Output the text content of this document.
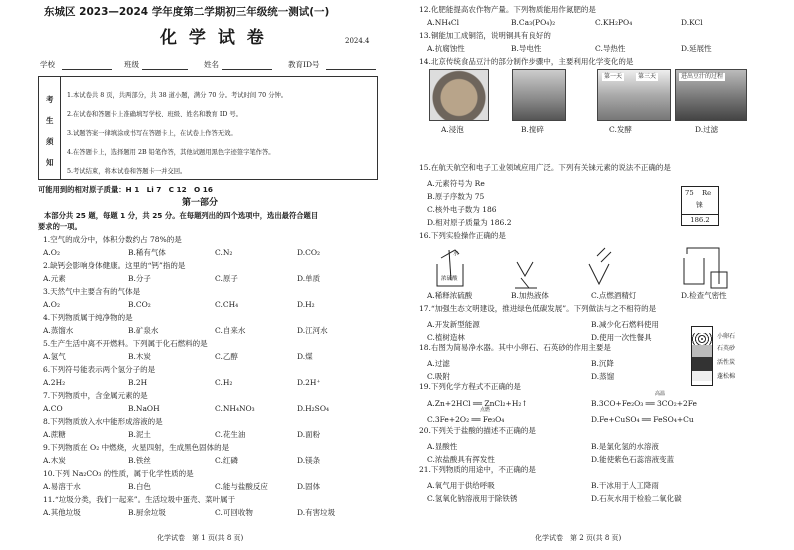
东城区 2023—2024 学年度第二学期初三年级统一测试(一)
化 学 试 卷	2024.4
学校	班级	姓名	教育ID号
考
生
须
知
1.本试卷共 8 页，共两部分，共 38 道小题，满分 70 分。考试时间 70 分钟。
2.在试卷和答题卡上准确填写学校、班级、姓名和教育 ID 号。
3.试题答案一律填涂或书写在答题卡上，在试卷上作答无效。
4.在答题卡上，选择题用 2B 铅笔作答，其他试题用黑色字迹签字笔作答。
5.考试结束，将本试卷和答题卡一并交回。
可能用到的相对原子质量：H 1　Li 7　C 12　O 16
第一部分
本部分共 25 题，每题 1 分，共 25 分。在每题列出的四个选项中，选出最符合题目
要求的一项。
1.空气的成分中，体积分数约占 78%的是
A.O₂	B.稀有气体	C.N₂	D.CO₂
2.缺钙会影响身体健康。这里的“钙”指的是
A.元素	B.分子	C.原子	D.单质
3.天然气中主要含有的气体是
A.O₂	B.CO₂	C.CH₄	D.H₂
4.下列物质属于纯净物的是
A.蒸馏水	B.矿泉水	C.自来水	D.江河水
5.生产生活中离不开燃料。下列属于化石燃料的是
A.氢气	B.木炭	C.乙醇	D.煤
6.下列符号能表示两个氢分子的是
A.2H₂	B.2H	C.H₂	D.2H⁺
7.下列物质中，含金属元素的是
A.CO	B.NaOH	C.NH₄NO₃	D.H₂SO₄
8.下列物质放入水中能形成溶液的是
A.蔗糖	B.泥土	C.花生油	D.面粉
9.下列物质在 O₂ 中燃烧，火星四射，生成黑色固体的是
A.木炭	B.铁丝	C.红磷	D.镁条
10.下列 Na₂CO₃ 的性质，属于化学性质的是
A.易溶于水	B.白色	C.能与盐酸反应	D.固体
11.“垃圾分类，我们一起来”。生活垃圾中蛋壳、菜叶属于
A.其他垃圾	B.厨余垃圾	C.可回收物	D.有害垃圾
化学试卷　第 1 页(共 8 页)
12.化肥能提高农作物产量。下列物质能用作氮肥的是
A.NH₄Cl	B.Ca₃(PO₄)₂	C.KH₂PO₄	D.KCl
13.铜能加工成铜箔，说明铜具有良好的
A.抗腐蚀性	B.导电性	C.导热性	D.延展性
14.北京传统食品豆汁的部分制作步骤中，主要利用化学变化的是
第一天	第三天	进出豆汁的过程
A.浸泡	B.搅碎	C.发酵	D.过滤
15.在航天航空和电子工业领域应用广泛。下列有关铼元素的说法不正确的是
A.元素符号为 Re
B.原子序数为 75
C.核外电子数为 186
D.相对原子质量为 186.2
75 Re
铼
186.2
16.下列实验操作正确的是
水
浓硫酸
A.稀释浓硫酸	B.加热液体	C.点燃酒精灯	D.检查气密性
17.“加强生态文明建设，推进绿色低碳发展”。下列做法与之不相符的是
A.开发新型能源	B.减少化石燃料使用
C.植树造林	D.使用一次性餐具
18.右图为简易净水器。其中小卵石、石英砂的作用主要是
A.过滤	B.沉降
C.吸附	D.蒸馏
小卵石
石英砂
活性炭
蓬松棉
19.下列化学方程式不正确的是
A.Zn+2HCl ══ ZnCl₂+H₂↑	B.3CO+Fe₂O₃ ══ 3CO₂+2Fe
C.3Fe+2O₂ ══ Fe₃O₄	D.Fe+CuSO₄ ══ FeSO₄+Cu
高温
点燃
20.下列关于盐酸的描述不正确的是
A.显酸性	B.是氯化氢的水溶液
C.浓盐酸具有挥发性	D.能使紫色石蕊溶液变蓝
21.下列物质的用途中，不正确的是
A.氧气用于供给呼吸	B.干冰用于人工降雨
C.氢氧化钠溶液用于除铁锈	D.石灰水用于检验二氧化碳
化学试卷　第 2 页(共 8 页)
